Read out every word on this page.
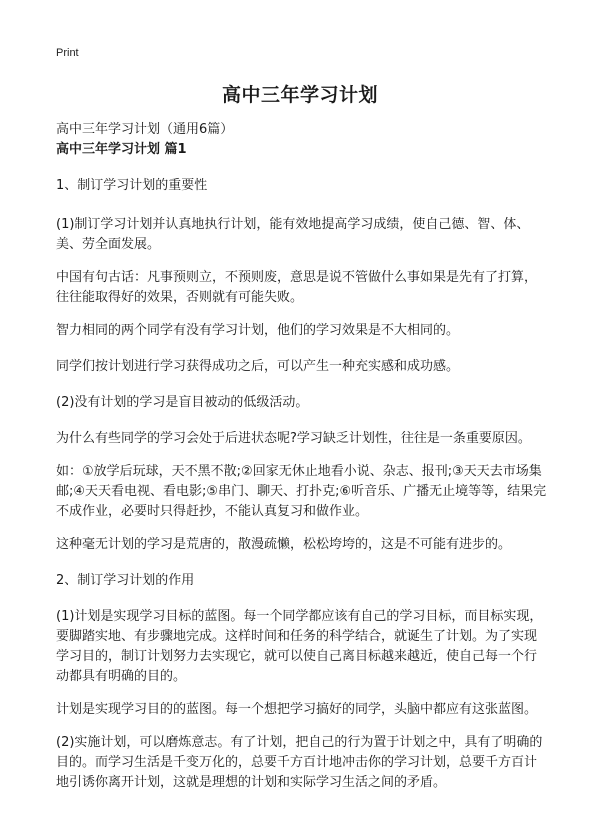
Print
高中三年学习计划

高中三年学习计划（通用6篇）

高中三年学习计划 篇1

1、制订学习计划的重要性

(1)制订学习计划并认真地执行计划，能有效地提高学习成绩，使自己德、智、体、美、劳全面发展。

中国有句古话：凡事预则立，不预则废，意思是说不管做什么事如果是先有了打算，往往能取得好的效果，否则就有可能失败。

智力相同的两个同学有没有学习计划，他们的学习效果是不大相同的。

同学们按计划进行学习获得成功之后，可以产生一种充实感和成功感。

(2)没有计划的学习是盲目被动的低级活动。

为什么有些同学的学习会处于后进状态呢?学习缺乏计划性，往往是一条重要原因。

如：①放学后玩球，天不黑不散;②回家无休止地看小说、杂志、报刊;③天天去市场集邮;④天天看电视、看电影;⑤串门、聊天、打扑克;⑥听音乐、广播无止境等等，结果完不成作业，必要时只得赶抄，不能认真复习和做作业。

这种毫无计划的学习是荒唐的，散漫疏懒，松松垮垮的，这是不可能有进步的。

2、制订学习计划的作用

(1)计划是实现学习目标的蓝图。每一个同学都应该有自己的学习目标，而目标实现，要脚踏实地、有步骤地完成。这样时间和任务的科学结合，就诞生了计划。为了实现学习目的，制订计划努力去实现它，就可以使自己离目标越来越近，使自己每一个行动都具有明确的目的。

计划是实现学习目的的蓝图。每一个想把学习搞好的同学，头脑中都应有这张蓝图。

(2)实施计划，可以磨炼意志。有了计划，把自己的行为置于计划之中，具有了明确的目的。而学习生活是千变万化的，总要千方百计地冲击你的学习计划，总要千方百计地引诱你离开计划，这就是理想的计划和实际学习生活之间的矛盾。
